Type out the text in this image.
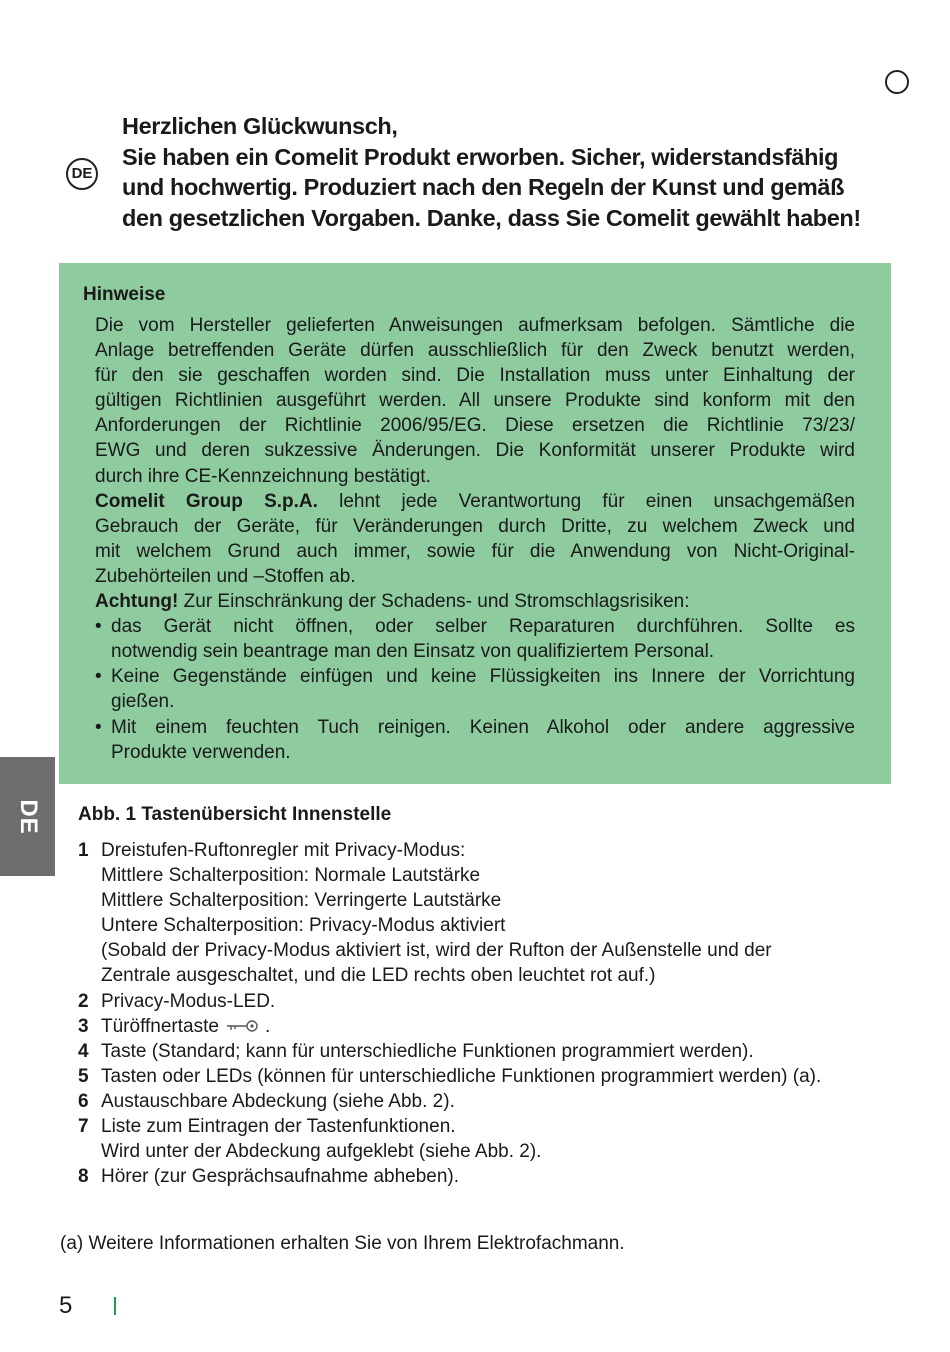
DE
Herzlichen Glückwunsch,
Sie haben ein Comelit Produkt erworben. Sicher, widerstandsfähig
und hochwertig. Produziert nach den Regeln der Kunst und gemäß
den gesetzlichen Vorgaben. Danke, dass Sie Comelit gewählt haben!
Hinweise
Die vom Hersteller gelieferten Anweisungen aufmerksam befolgen. Sämtliche die
Anlage betreffenden Geräte dürfen ausschließlich für den Zweck benutzt werden,
für den sie geschaffen worden sind. Die Installation muss unter Einhaltung der
gültigen Richtlinien ausgeführt werden. All unsere Produkte sind konform mit den
Anforderungen der Richtlinie 2006/95/EG. Diese ersetzen die Richtlinie 73/23/
EWG und deren sukzessive Änderungen. Die Konformität unserer Produkte wird
durch ihre CE-Kennzeichnung bestätigt.
Comelit Group S.p.A. lehnt jede Verantwortung für einen unsachgemäßen
Gebrauch der Geräte, für Veränderungen durch Dritte, zu welchem Zweck und
mit welchem Grund auch immer, sowie für die Anwendung von Nicht-Original-
Zubehörteilen und –Stoffen ab.
Achtung! Zur Einschränkung der Schadens- und Stromschlagsrisiken:
• das Gerät nicht öffnen, oder selber Reparaturen durchführen. Sollte es
notwendig sein beantrage man den Einsatz von qualifiziertem Personal.
• Keine Gegenstände einfügen und keine Flüssigkeiten ins Innere der Vorrichtung
gießen.
• Mit einem feuchten Tuch reinigen. Keinen Alkohol oder andere aggressive
Produkte verwenden.
DE Abb. 1 Tastenübersicht Innenstelle
1 Dreistufen-Ruftonregler mit Privacy-Modus:
Mittlere Schalterposition: Normale Lautstärke
Mittlere Schalterposition: Verringerte Lautstärke
Untere Schalterposition: Privacy-Modus aktiviert
(Sobald der Privacy-Modus aktiviert ist, wird der Rufton der Außenstelle und der
Zentrale ausgeschaltet, und die LED rechts oben leuchtet rot auf.)
2 Privacy-Modus-LED.
3 Türöffnertaste .
4 Taste (Standard; kann für unterschiedliche Funktionen programmiert werden).
5 Tasten oder LEDs (können für unterschiedliche Funktionen programmiert werden) (a).
6 Austauschbare Abdeckung (siehe Abb. 2).
7 Liste zum Eintragen der Tastenfunktionen.
Wird unter der Abdeckung aufgeklebt (siehe Abb. 2).
8 Hörer (zur Gesprächsaufnahme abheben).
(a) Weitere Informationen erhalten Sie von Ihrem Elektrofachmann.
5
